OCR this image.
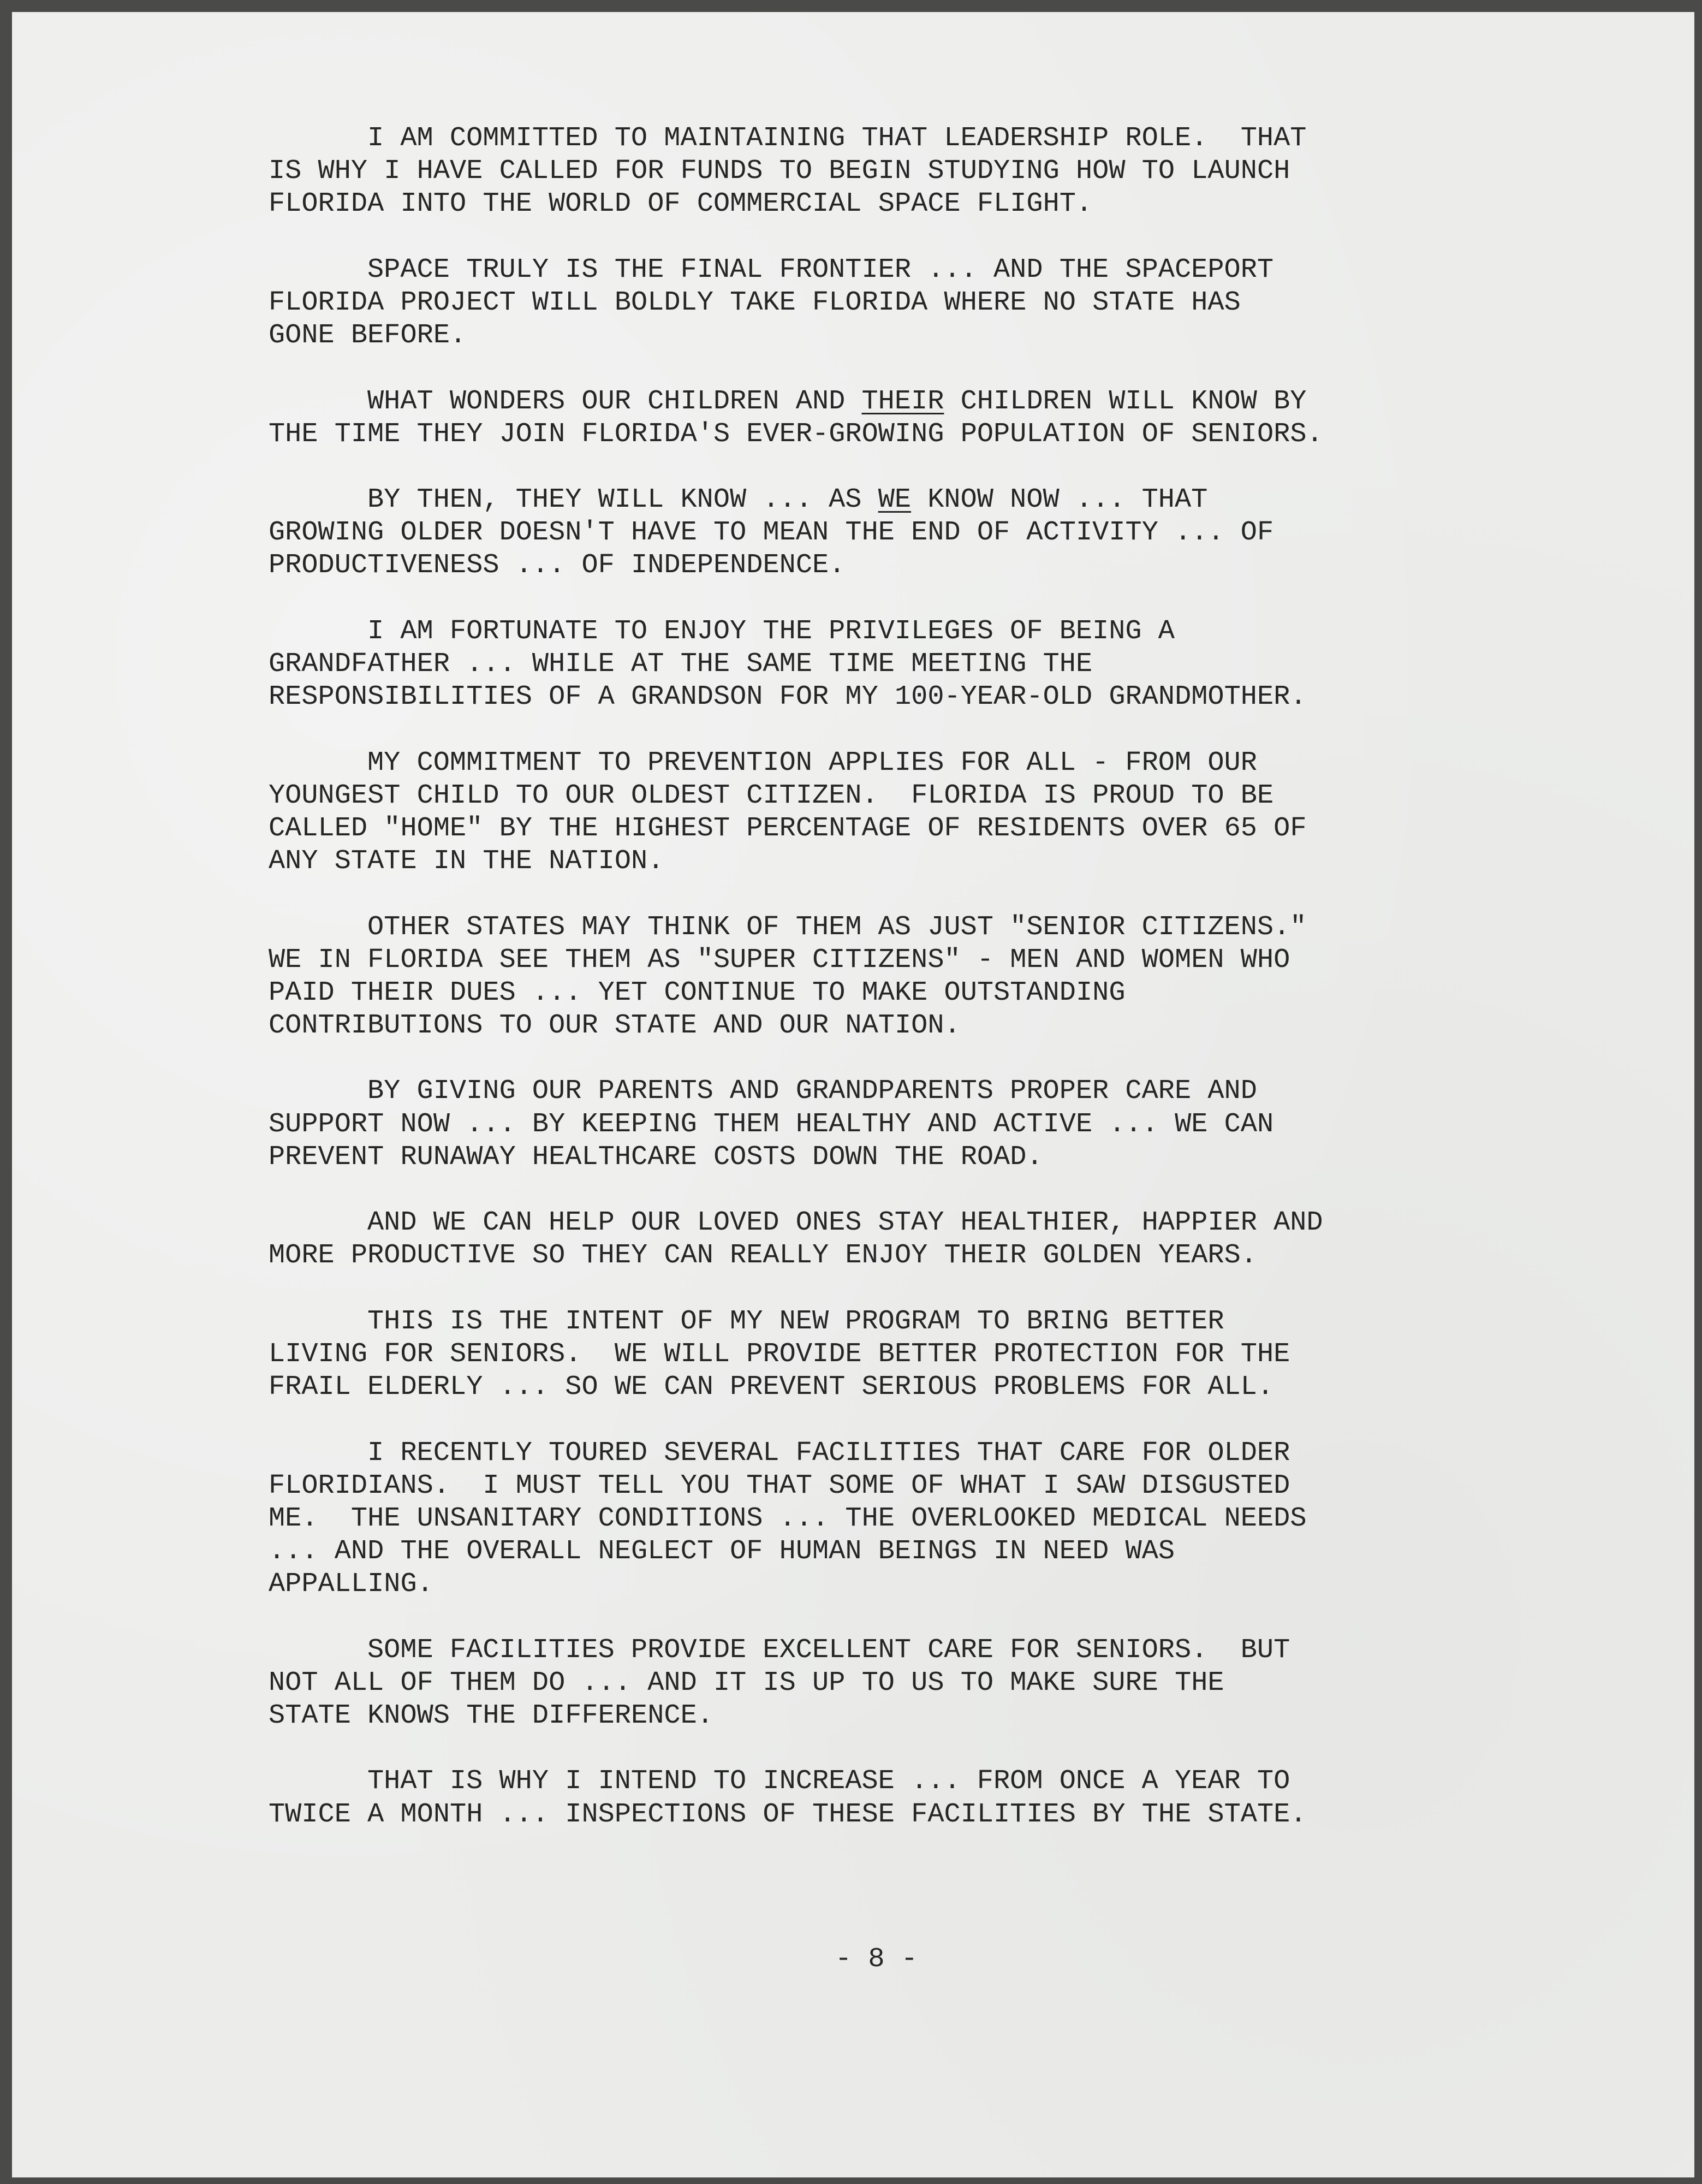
I AM COMMITTED TO MAINTAINING THAT LEADERSHIP ROLE.  THAT
IS WHY I HAVE CALLED FOR FUNDS TO BEGIN STUDYING HOW TO LAUNCH
FLORIDA INTO THE WORLD OF COMMERCIAL SPACE FLIGHT.
SPACE TRULY IS THE FINAL FRONTIER ... AND THE SPACEPORT
FLORIDA PROJECT WILL BOLDLY TAKE FLORIDA WHERE NO STATE HAS
GONE BEFORE.
WHAT WONDERS OUR CHILDREN AND THEIR CHILDREN WILL KNOW BY
THE TIME THEY JOIN FLORIDA'S EVER-GROWING POPULATION OF SENIORS.
BY THEN, THEY WILL KNOW ... AS WE KNOW NOW ... THAT
GROWING OLDER DOESN'T HAVE TO MEAN THE END OF ACTIVITY ... OF
PRODUCTIVENESS ... OF INDEPENDENCE.
I AM FORTUNATE TO ENJOY THE PRIVILEGES OF BEING A
GRANDFATHER ... WHILE AT THE SAME TIME MEETING THE
RESPONSIBILITIES OF A GRANDSON FOR MY 100-YEAR-OLD GRANDMOTHER.
MY COMMITMENT TO PREVENTION APPLIES FOR ALL - FROM OUR
YOUNGEST CHILD TO OUR OLDEST CITIZEN.  FLORIDA IS PROUD TO BE
CALLED "HOME" BY THE HIGHEST PERCENTAGE OF RESIDENTS OVER 65 OF
ANY STATE IN THE NATION.
OTHER STATES MAY THINK OF THEM AS JUST "SENIOR CITIZENS."
WE IN FLORIDA SEE THEM AS "SUPER CITIZENS" - MEN AND WOMEN WHO
PAID THEIR DUES ... YET CONTINUE TO MAKE OUTSTANDING
CONTRIBUTIONS TO OUR STATE AND OUR NATION.
BY GIVING OUR PARENTS AND GRANDPARENTS PROPER CARE AND
SUPPORT NOW ... BY KEEPING THEM HEALTHY AND ACTIVE ... WE CAN
PREVENT RUNAWAY HEALTHCARE COSTS DOWN THE ROAD.
AND WE CAN HELP OUR LOVED ONES STAY HEALTHIER, HAPPIER AND
MORE PRODUCTIVE SO THEY CAN REALLY ENJOY THEIR GOLDEN YEARS.
THIS IS THE INTENT OF MY NEW PROGRAM TO BRING BETTER
LIVING FOR SENIORS.  WE WILL PROVIDE BETTER PROTECTION FOR THE
FRAIL ELDERLY ... SO WE CAN PREVENT SERIOUS PROBLEMS FOR ALL.
I RECENTLY TOURED SEVERAL FACILITIES THAT CARE FOR OLDER
FLORIDIANS.  I MUST TELL YOU THAT SOME OF WHAT I SAW DISGUSTED
ME.  THE UNSANITARY CONDITIONS ... THE OVERLOOKED MEDICAL NEEDS
... AND THE OVERALL NEGLECT OF HUMAN BEINGS IN NEED WAS
APPALLING.
SOME FACILITIES PROVIDE EXCELLENT CARE FOR SENIORS.  BUT
NOT ALL OF THEM DO ... AND IT IS UP TO US TO MAKE SURE THE
STATE KNOWS THE DIFFERENCE.
THAT IS WHY I INTEND TO INCREASE ... FROM ONCE A YEAR TO
TWICE A MONTH ... INSPECTIONS OF THESE FACILITIES BY THE STATE.
- 8 -
